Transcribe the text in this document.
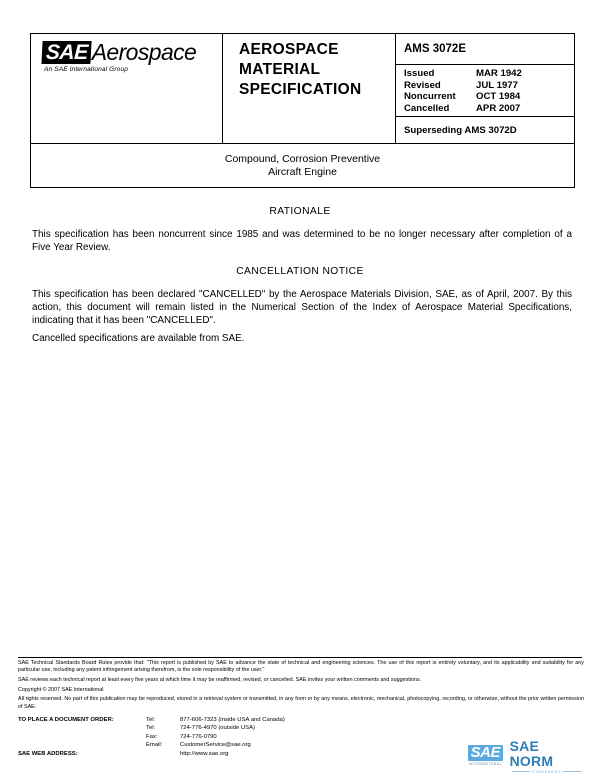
SAE Aerospace
An SAE International Group
AEROSPACE
MATERIAL
SPECIFICATION
AMS 3072E
Issued	MAR 1942
Revised	JUL 1977
Noncurrent	OCT 1984
Cancelled	APR 2007
Superseding AMS 3072D
Compound, Corrosion Preventive
Aircraft Engine
RATIONALE
This specification has been noncurrent since 1985 and was determined to be no longer necessary after completion of a Five Year Review.
CANCELLATION NOTICE
This specification has been declared "CANCELLED" by the Aerospace Materials Division, SAE, as of April, 2007. By this action, this document will remain listed in the Numerical Section of the Index of Aerospace Material Specifications, indicating that it has been "CANCELLED".
Cancelled specifications are available from SAE.

SAE Technical Standards Board Rules provide that: "This report is published by SAE to advance the state of technical and engineering sciences. The use of this report is entirely voluntary, and its applicability and suitability for any particular use, including any patent infringement arising therefrom, is the sole responsibility of the user."

SAE reviews each technical report at least every five years at which time it may be reaffirmed, revised, or cancelled. SAE invites your written comments and suggestions.

Copyright © 2007 SAE International

All rights reserved. No part of this publication may be reproduced, stored in a retrieval system or transmitted, in any form or by any means, electronic, mechanical, photocopying, recording, or otherwise, without the prior written permission of SAE.

TO PLACE A DOCUMENT ORDER:	Tel:	877-606-7323 (inside USA and Canada)
Tel:	724-776-4970 (outside USA)
Fax:	724-776-0790
Email:	CustomerService@sae.org
SAE WEB ADDRESS:	http://www.sae.org	SAE
INTERNATIONAL
SAE NORM
STANDARDS
